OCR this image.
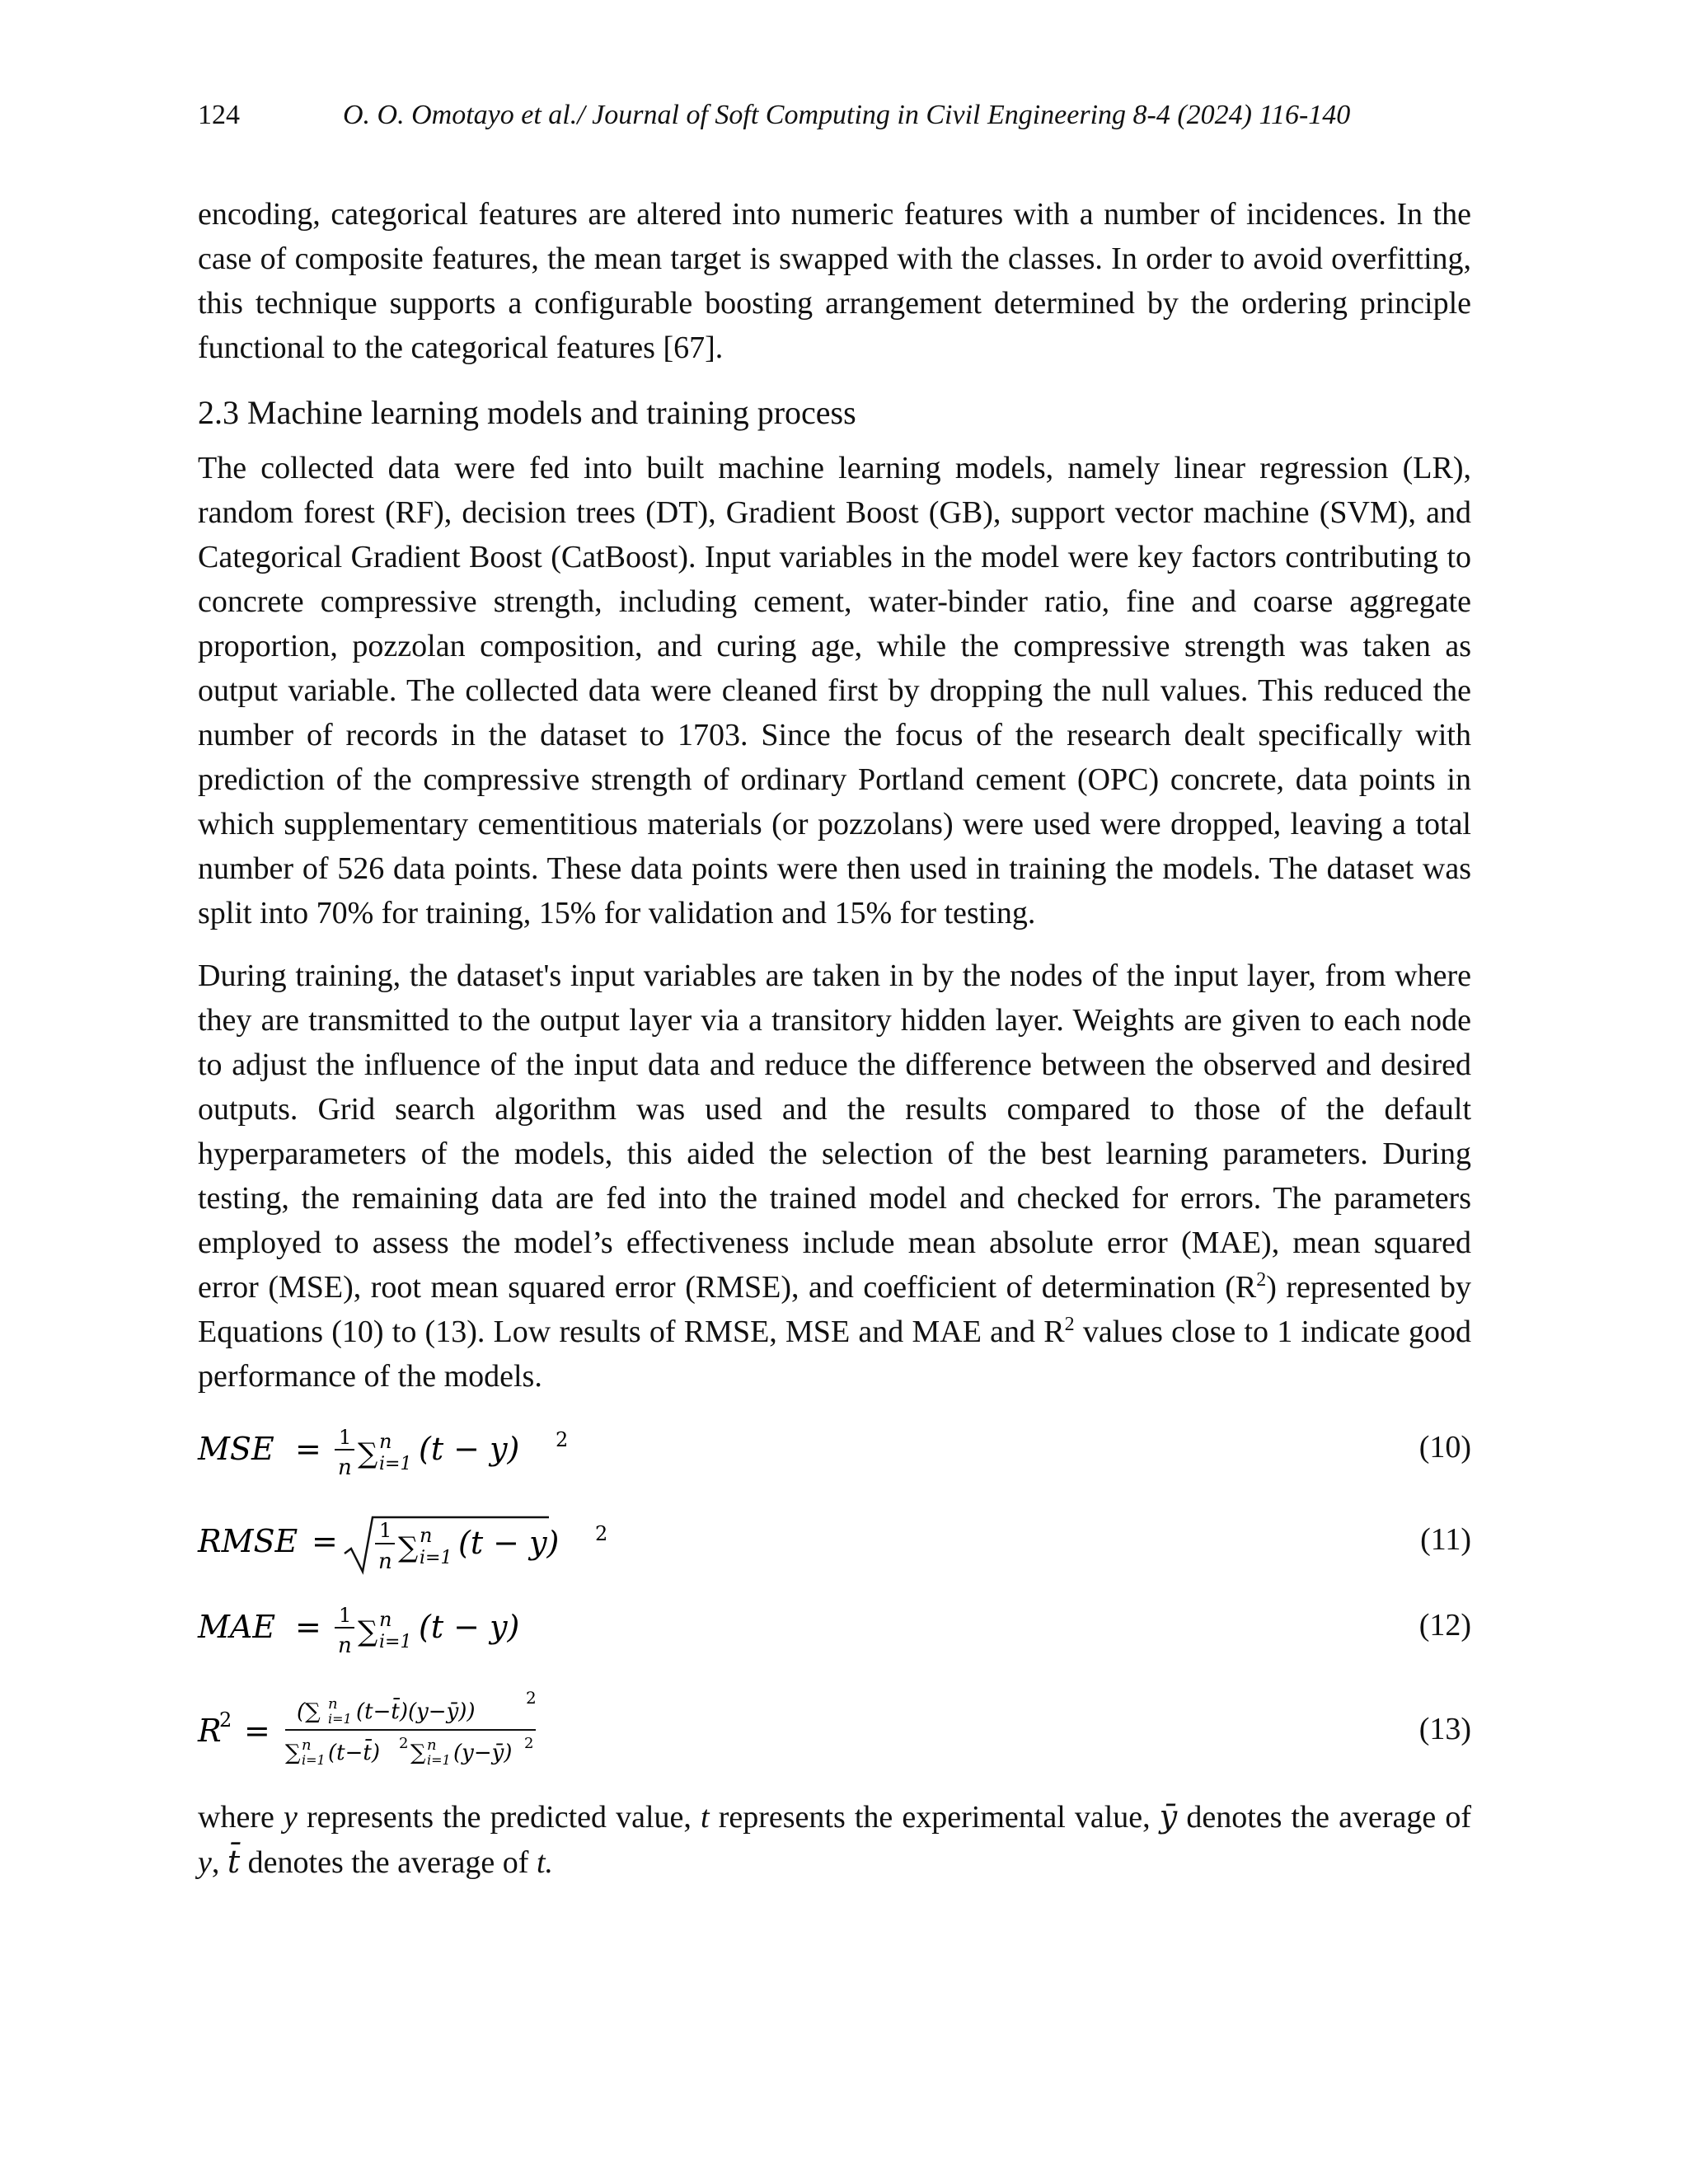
124	O. O. Omotayo et al./ Journal of Soft Computing in Civil Engineering 8-4 (2024) 116-140

encoding, categorical features are altered into numeric features with a number of incidences. In the case of composite features, the mean target is swapped with the classes. In order to avoid overfitting, this technique supports a configurable boosting arrangement determined by the ordering principle functional to the categorical features [67].

2.3 Machine learning models and training process

The collected data were fed into built machine learning models, namely linear regression (LR), random forest (RF), decision trees (DT), Gradient Boost (GB), support vector machine (SVM), and Categorical Gradient Boost (CatBoost). Input variables in the model were key factors contributing to concrete compressive strength, including cement, water-binder ratio, fine and coarse aggregate proportion, pozzolan composition, and curing age, while the compressive strength was taken as output variable. The collected data were cleaned first by dropping the null values. This reduced the number of records in the dataset to 1703. Since the focus of the research dealt specifically with prediction of the compressive strength of ordinary Portland cement (OPC) concrete, data points in which supplementary cementitious materials (or pozzolans) were used were dropped, leaving a total number of 526 data points. These data points were then used in training the models. The dataset was split into 70% for training, 15% for validation and 15% for testing.

During training, the dataset's input variables are taken in by the nodes of the input layer, from where they are transmitted to the output layer via a transitory hidden layer. Weights are given to each node to adjust the influence of the input data and reduce the difference between the observed and desired outputs. Grid search algorithm was used and the results compared to those of the default hyperparameters of the models, this aided the selection of the best learning parameters. During testing, the remaining data are fed into the trained model and checked for errors. The parameters employed to assess the model’s effectiveness include mean absolute error (MAE), mean squared error (MSE), root mean squared error (RMSE), and coefficient of determination $(R^2)$ represented by Equations (10) to (13). Low results of RMSE, MSE and MAE and $R^2$ values close to 1 indicate good performance of the models.

MSE = 1
n ∑ n
i=1 (t − y) 2	(10)
RMSE = 1
n ∑ n
i=1 (t − y) 2	(11)
MAE = 1
n ∑ n
i=1 (t − y)	(12)
R
2 =
(∑ n
i=1 (t−t̄)(y−ȳ))
2
∑ n
i=1 (t−t̄) 2 ∑ n
i=1 (y−ȳ) 2	(13)

where y represents the predicted value, t represents the experimental value, ȳ denotes the average of y, t̄ denotes the average of t.
